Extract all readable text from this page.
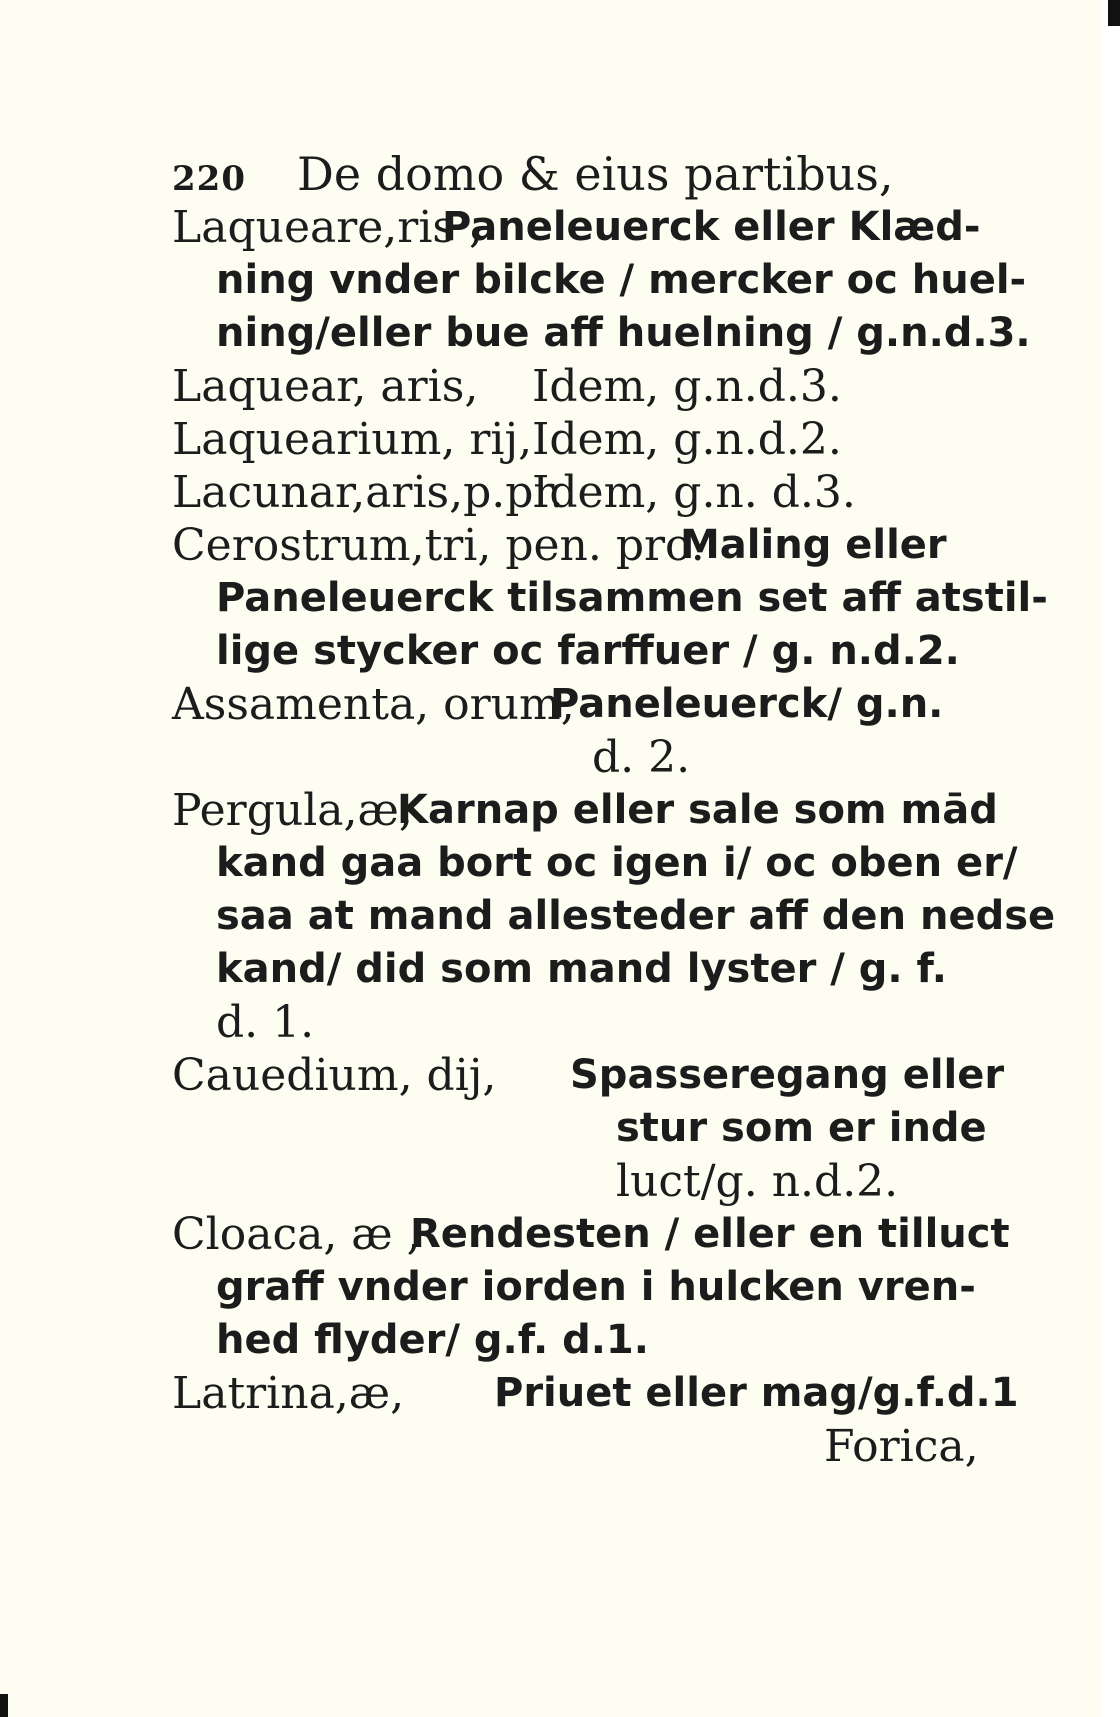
220 De domo & eius partibus,
Laquearе,ris ,
Paneleuerck eller Klæd-
ning vnder bilcke / mercker oc huel-
ning/eller bue aff huelning / g.n.d.3.
Laquear, aris, Idem, g.n.d.3.
Laquearium, rij, Idem, g.n.d.2.
Lacunar,aris,p.pr.
Idem, g.n. d.3.
Cerostrum,tri, pen. pro.
Maling eller
Paneleuerck tilsammen set aff atstil-
lige stycker oc farffuer / g. n.d.2.
Assamenta, orum,
Paneleuerck/ g.n.
d. 2.
Pergula,æ,
Karnap eller sale som mād
kand gaa bort oc igen i/ oc oben er/
saa at mand allesteder aff den nedse
kand/ did som mand lyster / g. f.
d. 1.
Cauedium, dij, Spasseregang eller
stur som er inde
luct/g. n.d.2.
Cloaca, æ ,
Rendesten / eller en tilluct
graff vnder iorden i hulcken vren-
hed flyder/ g.f. d.1.
Latrina,æ, Priuet eller mag/g.f.d.1
Forica,
